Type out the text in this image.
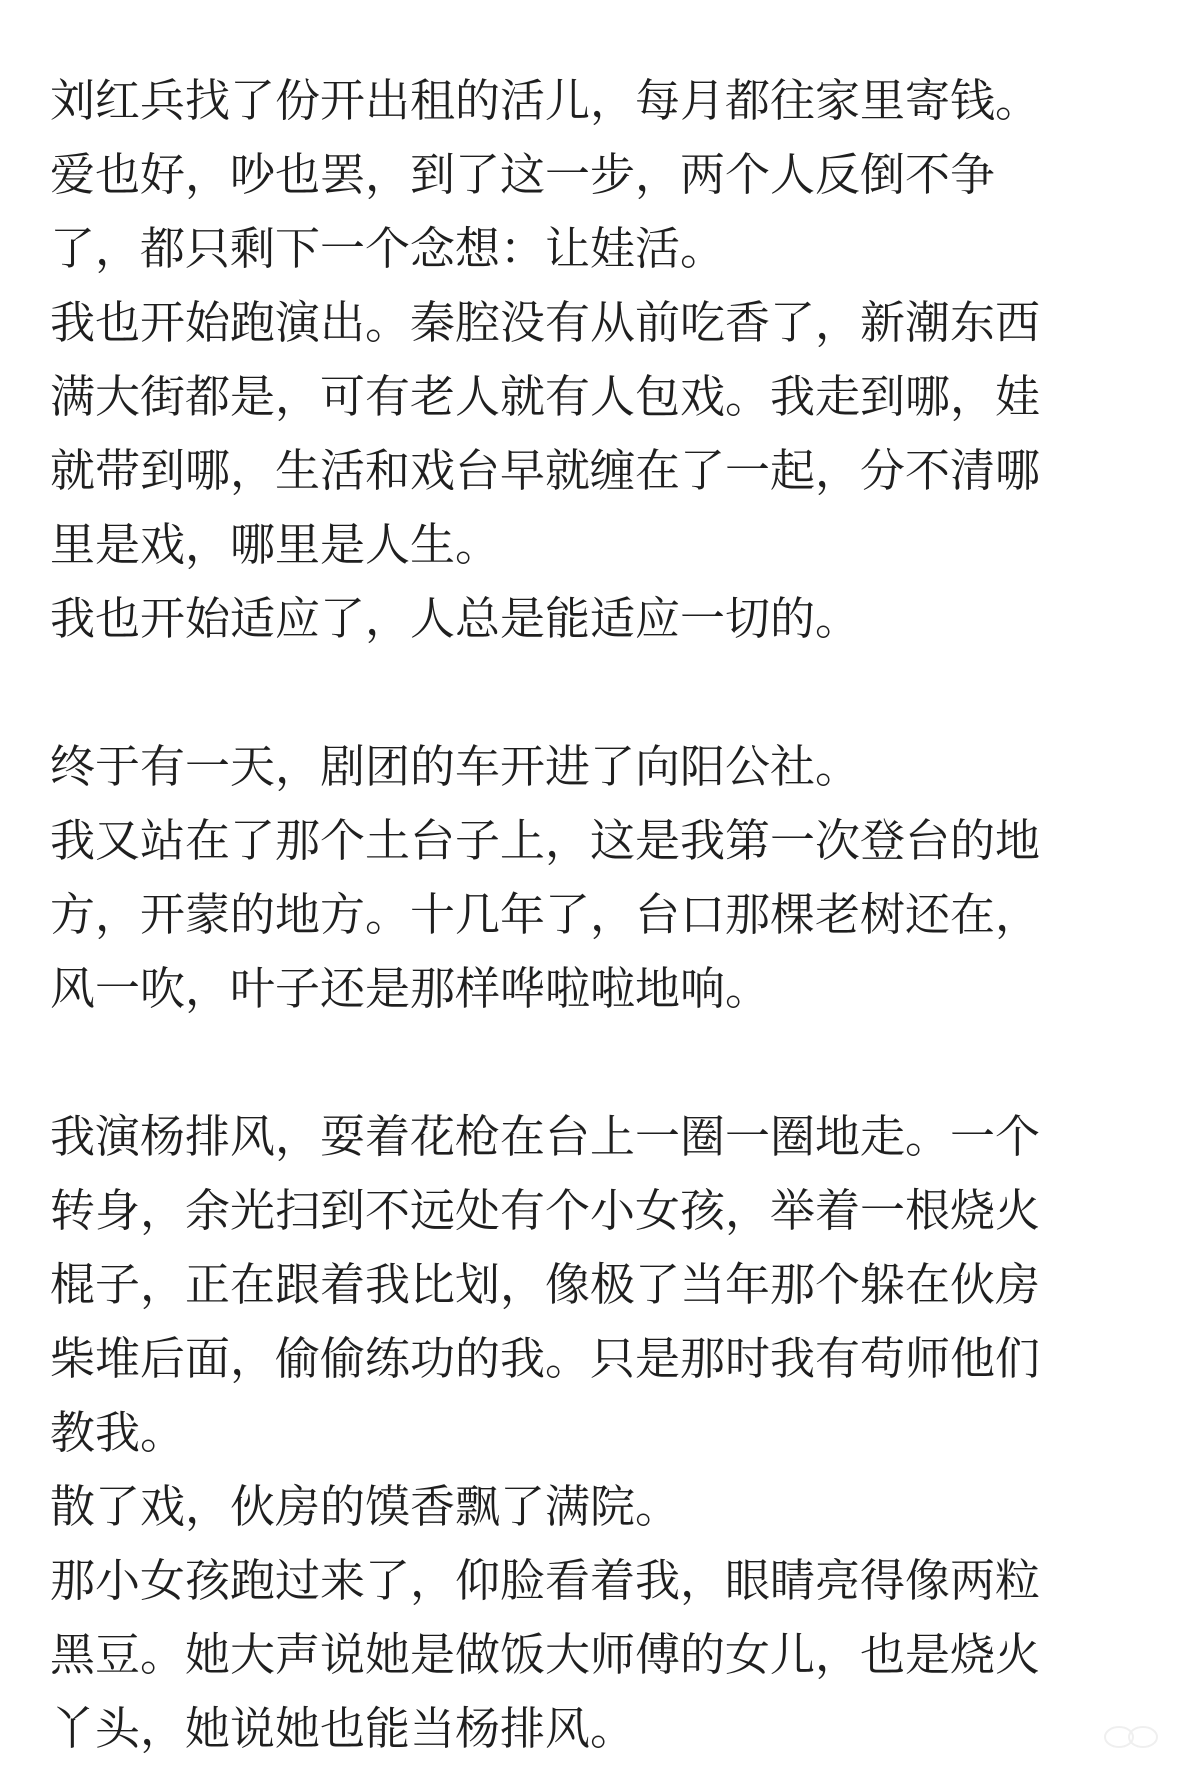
刘红兵找了份开出租的活儿，每月都往家里寄钱。
爱也好，吵也罢，到了这一步，两个人反倒不争
了，都只剩下一个念想：让娃活。
我也开始跑演出。秦腔没有从前吃香了，新潮东西
满大街都是，可有老人就有人包戏。我走到哪，娃
就带到哪，生活和戏台早就缠在了一起，分不清哪
里是戏，哪里是人生。
我也开始适应了，人总是能适应一切的。
终于有一天，剧团的车开进了向阳公社。
我又站在了那个土台子上，这是我第一次登台的地
方，开蒙的地方。十几年了，台口那棵老树还在，
风一吹，叶子还是那样哗啦啦地响。
我演杨排风，耍着花枪在台上一圈一圈地走。一个
转身，余光扫到不远处有个小女孩，举着一根烧火
棍子，正在跟着我比划，像极了当年那个躲在伙房
柴堆后面，偷偷练功的我。只是那时我有苟师他们
教我。
散了戏，伙房的馍香飘了满院。
那小女孩跑过来了，仰脸看着我，眼睛亮得像两粒
黑豆。她大声说她是做饭大师傅的女儿，也是烧火
丫头，她说她也能当杨排风。
